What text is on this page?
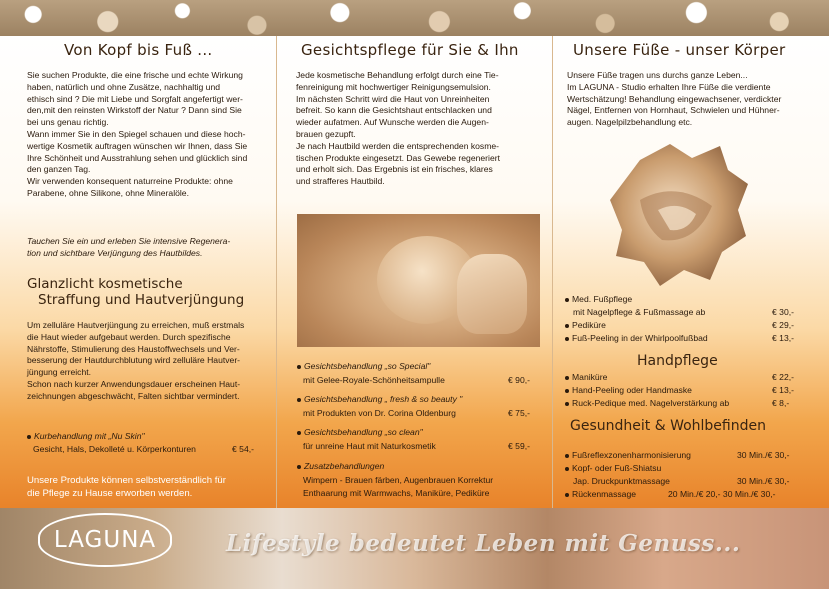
Von Kopf bis Fuß ...
Sie suchen Produkte, die eine frische und echte Wirkung
haben, natürlich und ohne Zusätze, nachhaltig und
ethisch sind ? Die mit Liebe und Sorgfalt angefertigt wer-
den,mit den reinsten Wirkstoff der Natur ? Dann sind Sie
bei uns genau richtig.
Wann immer Sie in den Spiegel schauen und diese hoch-
wertige Kosmetik auftragen wünschen wir Ihnen, dass Sie
Ihre Schönheit und Ausstrahlung sehen und glücklich sind
den ganzen Tag.
Wir verwenden konsequent naturreine Produkte: ohne
Parabene, ohne Silikone, ohne Mineralöle.
Tauchen Sie ein und erleben Sie intensive Regenera-
tion und sichtbare Verjüngung des Hautbildes.
Glanzlicht kosmetische
Straffung und Hautverjüngung
Um zelluläre Hautverjüngung zu erreichen, muß erstmals
die Haut wieder aufgebaut werden. Durch spezifische
Nährstoffe, Stimulierung des Haustoffwechsels und Ver-
besserung der Hautdurchblutung wird zelluläre Hautver-
jüngung erreicht.
Schon nach kurzer Anwendungsdauer erscheinen Haut-
zeichnungen abgeschwächt, Falten sichtbar vermindert.
Kurbehandlung mit „Nu Skin"
Gesicht, Hals, Dekolleté u. Körperkonturen	€ 54,-
Unsere Produkte können selbstverständlich für
die Pflege zu Hause erworben werden.
Gesichtspflege für Sie & Ihn
Jede kosmetische Behandlung erfolgt durch eine Tie-
fenreinigung mit hochwertiger Reinigungsemulsion.
Im nächsten Schritt wird die Haut von Unreinheiten
befreit. So kann die Gesichtshaut entschlacken und
wieder aufatmen. Auf Wunsche werden die Augen-
brauen gezupft.
Je nach Hautbild werden die entsprechenden kosme-
tischen Produkte eingesetzt. Das Gewebe regeneriert
und erholt sich. Das Ergebnis ist ein frisches, klares
und strafferes Hautbild.
Gesichtsbehandlung „so Special"
mit Gelee-Royale-Schönheitsampulle	€ 90,-
Gesichtsbehandlung „ fresh & so beauty "
mit Produkten von Dr. Corina Oldenburg	€ 75,-
Gesichtsbehandlung „so clean"
für unreine Haut mit Naturkosmetik	€ 59,-
Zusatzbehandlungen
Wimpern - Brauen färben, Augenbrauen Korrektur
Enthaarung mit Warmwachs, Maniküre, Pediküre
Unsere Füße - unser Körper
Unsere Füße tragen uns durchs ganze Leben...
Im LAGUNA - Studio erhalten Ihre Füße die verdiente
Wertschätzung! Behandlung eingewachsener, verdickter
Nägel, Entfernen von Hornhaut, Schwielen und Hühner-
augen. Nagelpilzbehandlung etc.
Med. Fußpflege
mit Nagelpflege & Fußmassage ab	€ 30,-
Pediküre	€ 29,-
Fuß-Peeling in der Whirlpoolfußbad	€ 13,-
Handpflege
Maniküre	€ 22,-
Hand-Peeling oder Handmaske	€ 13,-
Ruck-Pedique med. Nagelverstärkung ab	€ 8,-
Gesundheit & Wohlbefinden
Fußreflexzonenharmonisierung	30 Min./€ 30,-
Kopf- oder Fuß-Shiatsu
Jap. Druckpunktmassage	30 Min./€ 30,-
Rückenmassage	20 Min./€ 20,- 30 Min./€ 30,-
LAGUNA	Lifestyle bedeutet Leben mit Genuss...
